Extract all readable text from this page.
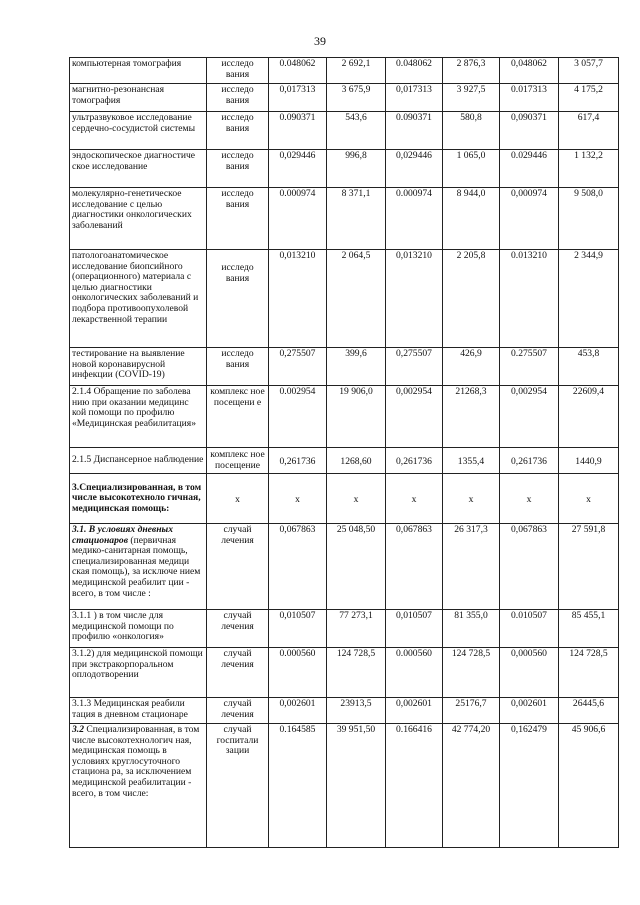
39
компьютерная томография	исследо вания	0.048062	2 692,1	0.048062	2 876,3	0,048062	3 057,7
магнитно-резонансная томография	исследо вания	0,017313	3 675,9	0,017313	3 927,5	0.017313	4 175,2
ультразвуковое исследование сердечно-сосудистой системы	исследо вания	0.090371	543,6	0.090371	580,8	0,090371	617,4
эндоскопическое диагностиче ское исследование	исследо вания	0,029446	996,8	0,029446	1 065,0	0.029446	1 132,2
молекулярно-генетическое исследование с целью диагностики онкологических заболеваний	исследо вания	0.000974	8 371,1	0.000974	8 944,0	0,000974	9 508,0
патологоанатомическое исследование биопсийного (операционного) материала с целью диагностики онкологических заболеваний и подбора противоопухолевой лекарственной терапии	исследо вания	0,013210	2 064,5	0,013210	2 205,8	0.013210	2 344,9
тестирование на выявление новой коронавирусной инфекции (COVID-19)	исследо вания	0,275507	399,6	0,275507	426,9	0.275507	453,8
2.1.4 Обращение по заболева нию при оказании медицинс кой помощи по профилю «Медицинская реабилитация»	комплекс ное посещени е	0.002954	19 906,0	0,002954	21268,3	0,002954	22609,4
2.1.5 Диспансерное наблюдение	комплекс ное посещение	0,261736	1268,60	0,261736	1355,4	0,261736	1440,9
3.Специализированная, в том числе высокотехноло гичная, медицинская помощь:	х	х	х	х	х	х	х
3.1. В условиях дневных стационаров (первичная медико-санитарная помощь, специализированная медици ская помощь), за исключе нием медицинской реабилит ции - всего, в том числе :	случай лечения	0,067863	25 048,50	0,067863	26 317,3	0,067863	27 591,8
3.1.1 ) в том числе для медицинской помощи по профилю «онкология»	случай лечения	0,010507	77 273,1	0,010507	81 355,0	0.010507	85 455,1
3.1.2) для медицинской помощи при экстракорпоральном оплодотворении	случай лечения	0.000560	124 728,5	0.000560	124 728,5	0,000560	124 728,5
3.1.3 Медицинская реабили тация в дневном стационаре	случай лечения	0,002601	23913,5	0,002601	25176,7	0,002601	26445,6
3.2 Специализированная, в том числе высокотехнологич ная, медицинская помощь в условиях круглосуточного стациона ра, за исключением медицинской реабилитации - всего, в том числе:	случай госпитали зации	0.164585	39 951,50	0.166416	42 774,20	0,162479	45 906,6
